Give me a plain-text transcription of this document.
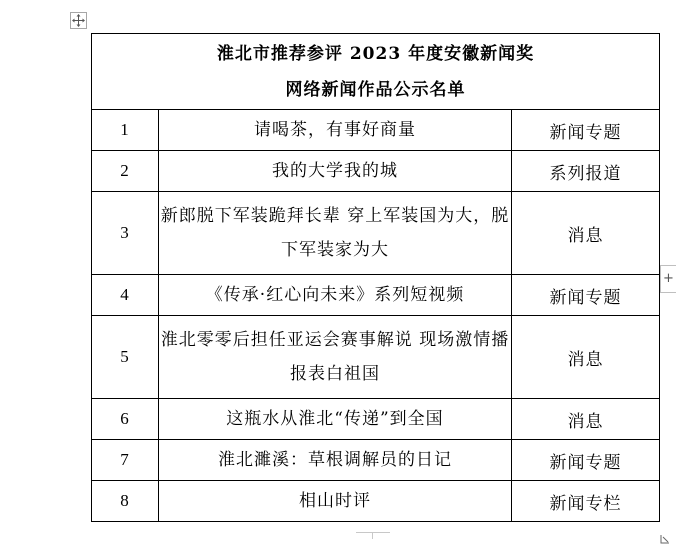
淮北市推荐参评 2023 年度安徽新闻奖
网络新闻作品公示名单		

1	请喝茶，有事好商量	新闻专题
2	我的大学我的城	系列报道
3	新郎脱下军装跪拜长辈 穿上军装国为大，脱下军装家为大	消息
4	《传承·红心向未来》系列短视频	新闻专题
5	淮北零零后担任亚运会赛事解说 现场激情播报表白祖国	消息
6	这瓶水从淮北“传递”到全国	消息
7	淮北濉溪：草根调解员的日记	新闻专题
8	相山时评	新闻专栏
+
